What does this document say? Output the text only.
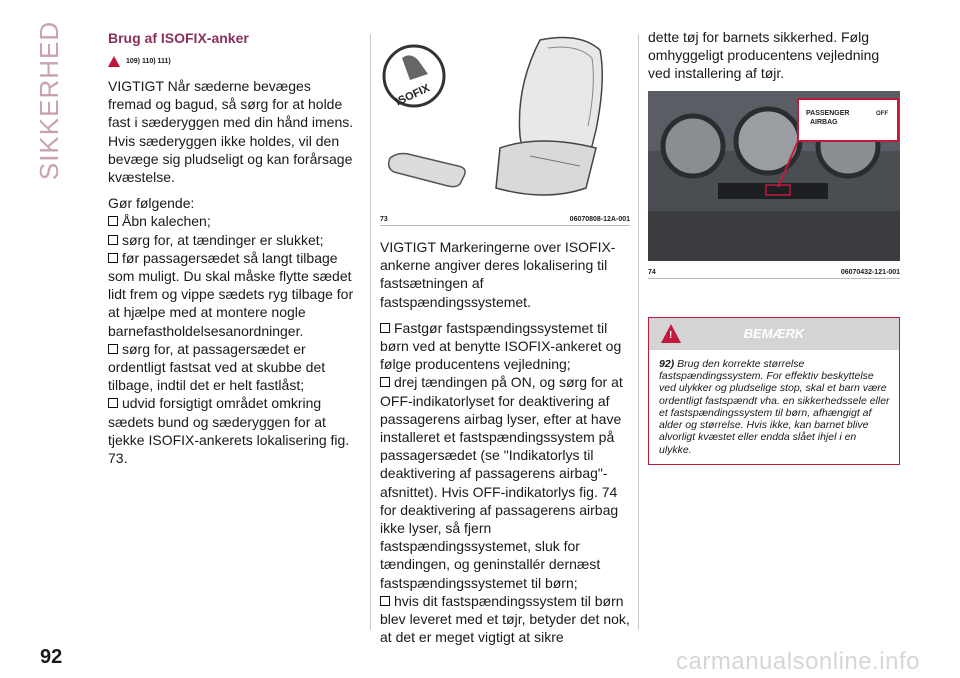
SIKKERHED	Brug af ISOFIX-anker
109) 110) 111)

VIGTIGT Når sæderne bevæges fremad og bagud, så sørg for at holde fast i sæderyggen med din hånd imens. Hvis sæderyggen ikke holdes, vil den bevæge sig pludseligt og kan forårsage kvæstelse.

Gør følgende:
Åbn kalechen;
sørg for, at tændinger er slukket;
før passagersædet så langt tilbage som muligt. Du skal måske flytte sædet lidt frem og vippe sædets ryg tilbage for at hjælpe med at montere nogle barnefastholdelsesanordninger.
sørg for, at passagersædet er ordentligt fastsat ved at skubbe det tilbage, indtil det er helt fastlåst;
udvid forsigtigt området omkring sædets bund og sæderyggen for at tjekke ISOFIX-ankerets lokalisering fig. 73.
ISOFIX
73	06070808-12A-001

VIGTIGT Markeringerne over ISOFIX-ankerne angiver deres lokalisering til fastsætningen af fastspændingssystemet.

Fastgør fastspændingssystemet til børn ved at benytte ISOFIX-ankeret og følge producentens vejledning;
drej tændingen på ON, og sørg for at OFF-indikatorlyset for deaktivering af passagerens airbag lyser, efter at have installeret et fastspændingssystem på passagersædet (se "Indikatorlys til deaktivering af passagerens airbag"-afsnittet). Hvis OFF-indikatorlys fig. 74 for deaktivering af passagerens airbag ikke lyser, så fjern fastspændingssystemet, sluk for tændingen, og geninstallér dernæst fastspændingssystemet til børn;
hvis dit fastspændingssystem til børn blev leveret med et tøjr, betyder det nok, at det er meget vigtigt at sikre

dette tøj for barnets sikkerhed. Følg omhyggeligt producentens vejledning ved installering af tøjr.

PASSENGER
AIRBAG
OFF
74	06070432-121-001
!	BEMÆRK
92) Brug den korrekte størrelse fastspændingssystem. For effektiv beskyttelse ved ulykker og pludselige stop, skal et barn være ordentligt fastspændt vha. en sikkerhedssele eller et fastspændingssystem til børn, afhængigt af alder og størrelse. Hvis ikke, kan barnet blive alvorligt kvæstet eller endda slået ihjel i en ulykke.
92	carmanualsonline.info
